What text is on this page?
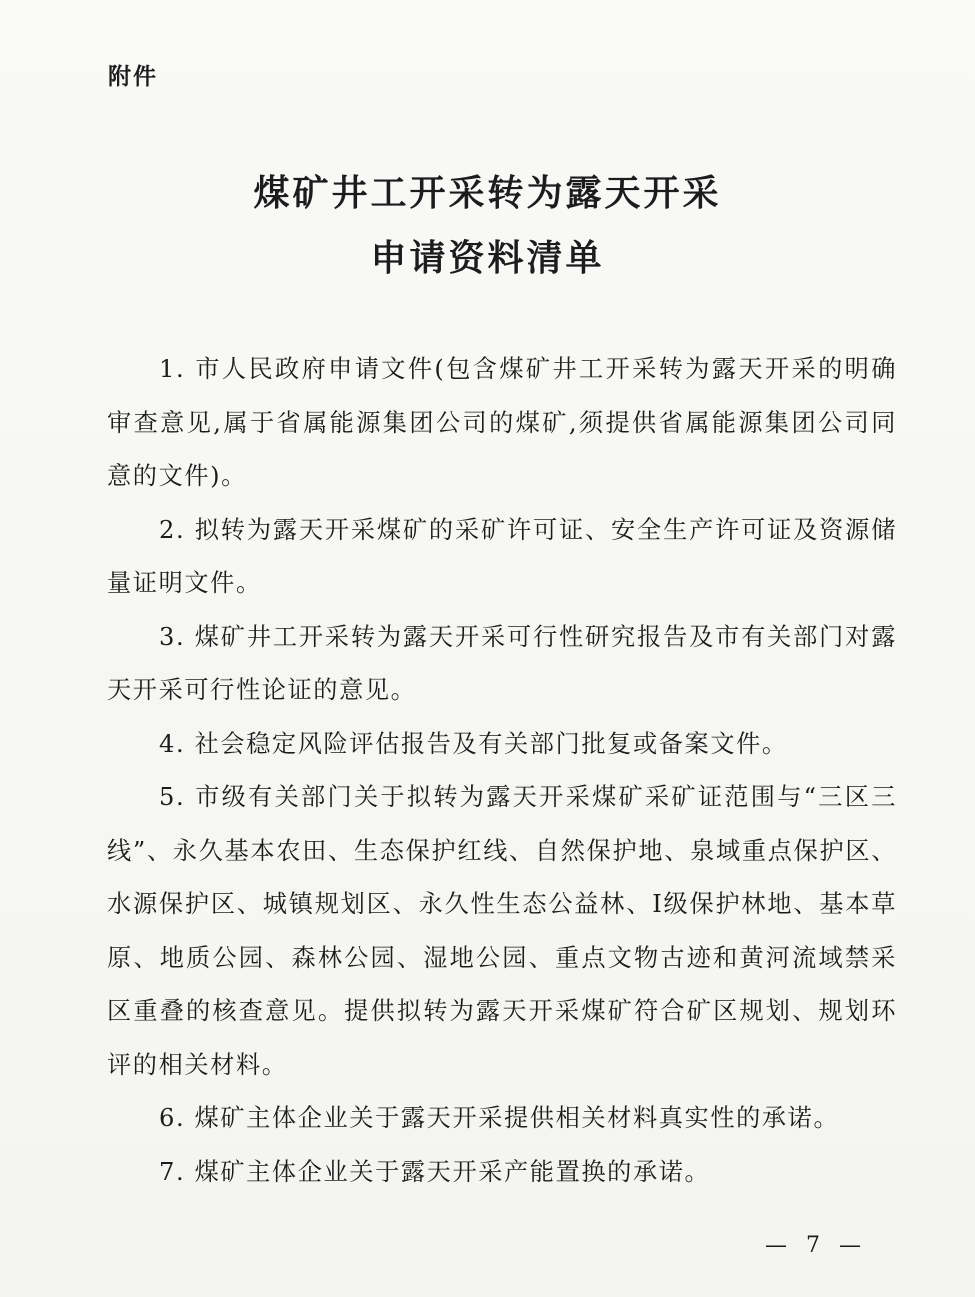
附件
煤矿井工开采转为露天开采
申请资料清单

1. 市人民政府申请文件(包含煤矿井工开采转为露天开采的明确审查意见,属于省属能源集团公司的煤矿,须提供省属能源集团公司同意的文件)。

2. 拟转为露天开采煤矿的采矿许可证、安全生产许可证及资源储量证明文件。

3. 煤矿井工开采转为露天开采可行性研究报告及市有关部门对露天开采可行性论证的意见。

4. 社会稳定风险评估报告及有关部门批复或备案文件。

5. 市级有关部门关于拟转为露天开采煤矿采矿证范围与“三区三线”、永久基本农田、生态保护红线、自然保护地、泉域重点保护区、水源保护区、城镇规划区、永久性生态公益林、Ⅰ级保护林地、基本草原、地质公园、森林公园、湿地公园、重点文物古迹和黄河流域禁采区重叠的核查意见。提供拟转为露天开采煤矿符合矿区规划、规划环评的相关材料。

6. 煤矿主体企业关于露天开采提供相关材料真实性的承诺。

7. 煤矿主体企业关于露天开采产能置换的承诺。

— 7 —
